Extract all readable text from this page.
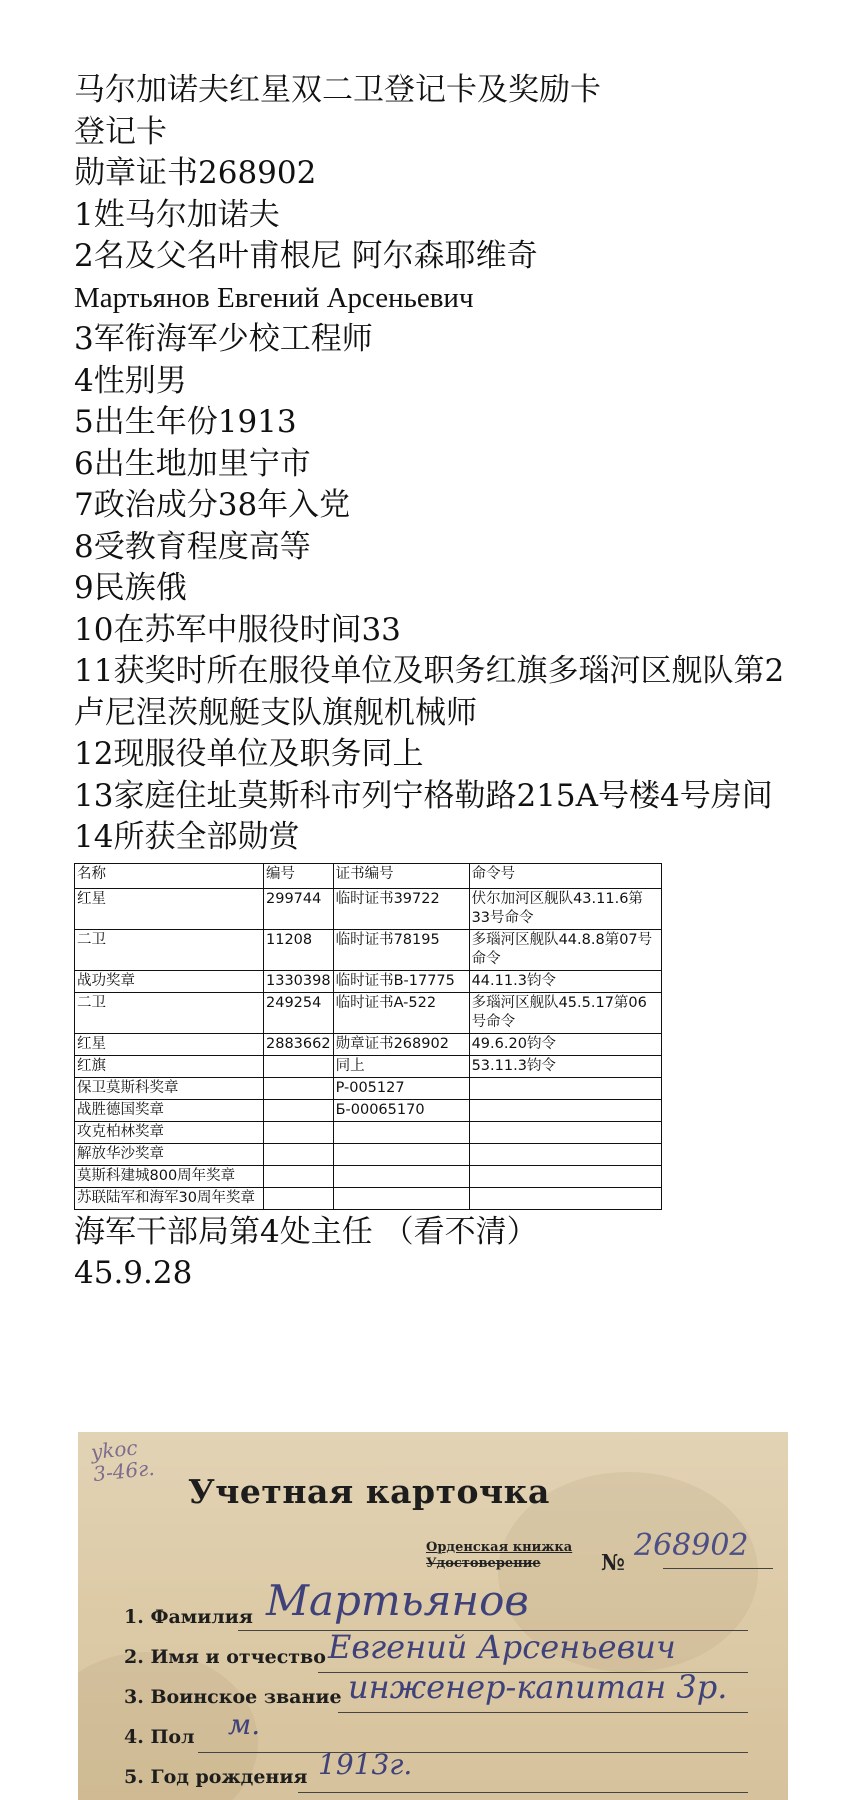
马尔加诺夫红星双二卫登记卡及奖励卡

登记卡

勋章证书268902

1姓马尔加诺夫

2名及父名叶甫根尼 阿尔森耶维奇

Мартьянов Евгений Арсеньевич

3军衔海军少校工程师

4性别男

5出生年份1913

6出生地加里宁市

7政治成分38年入党

8受教育程度高等

9民族俄

10在苏军中服役时间33

11获奖时所在服役单位及职务红旗多瑙河区舰队第2卢尼涅茨舰艇支队旗舰机械师

12现服役单位及职务同上

13家庭住址莫斯科市列宁格勒路215A号楼4号房间

14所获全部勋赏

名称	编号	证书编号	命令号
红星	299744	临时证书39722	伏尔加河区舰队43.11.6第33号命令
二卫	11208	临时证书78195	多瑙河区舰队44.8.8第07号命令
战功奖章	1330398	临时证书B-17775	44.11.3钧令
二卫	249254	临时证书A-522	多瑙河区舰队45.5.17第06号命令
红星	2883662	勋章证书268902	49.6.20钧令
红旗		同上	53.11.3钧令
保卫莫斯科奖章		P-005127	
战胜德国奖章		Б-00065170	
攻克柏林奖章			
解放华沙奖章			
莫斯科建城800周年奖章			
苏联陆军和海军30周年奖章			

海军干部局第4处主任 （看不清）

45.9.28

ykoc
3-46г.
Учетная карточка
Орденская книжка
Удостоверение	№ 268902
1. Фамилия Мартьянов
2. Имя и отчество Евгений Арсеньевич
3. Воинское звание инженер-капитан 3р.
4. Пол м.
5. Год рождения 1913г.
